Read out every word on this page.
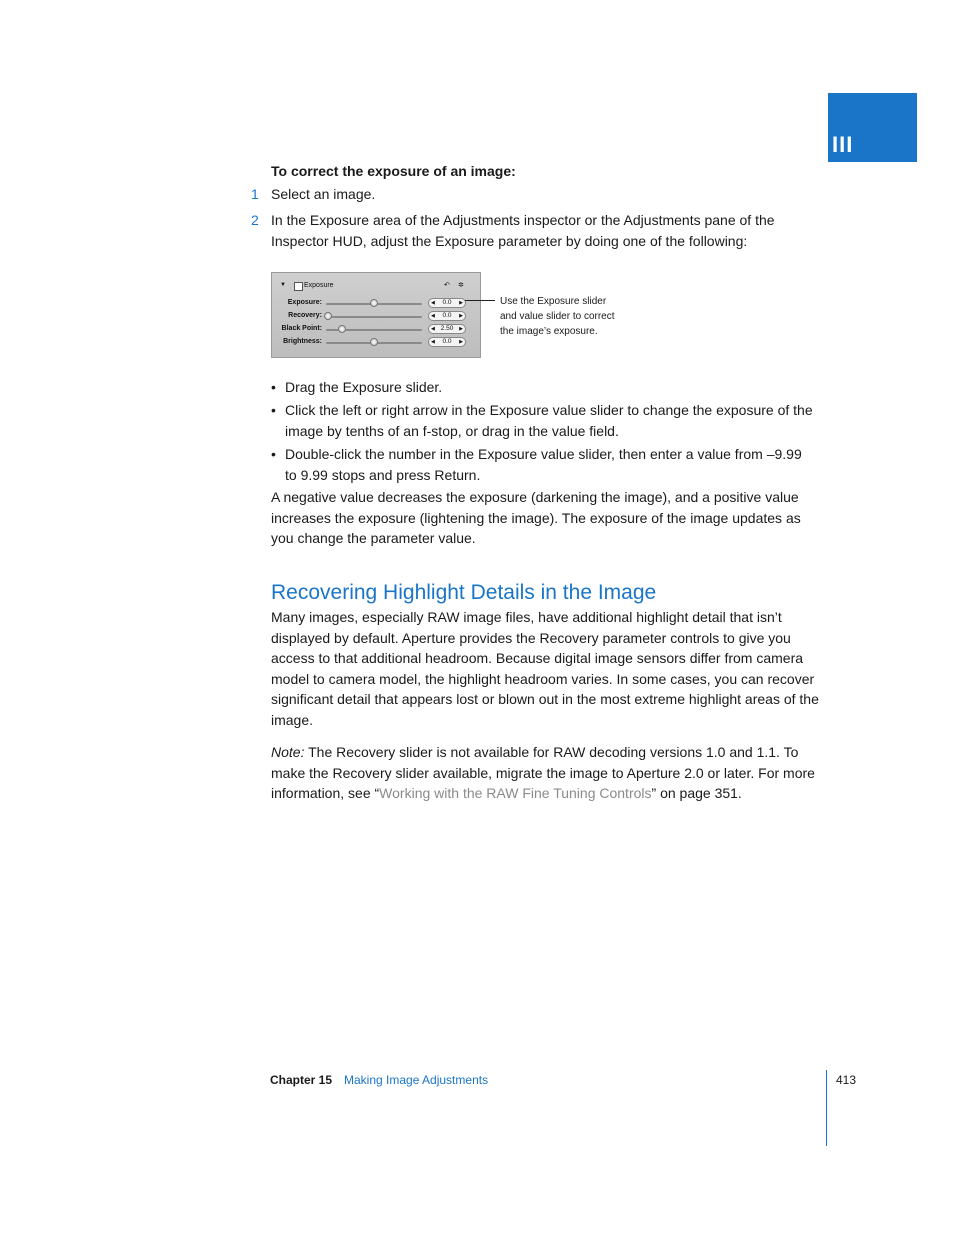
III
To correct the exposure of an image:
1 Select an image.
2 In the Exposure area of the Adjustments inspector or the Adjustments pane of the Inspector HUD, adjust the Exposure parameter by doing one of the following:
▼	Exposure	↶ ✲
Exposure:	◀ 0.0 ▶
Recovery:	◀ 0.0 ▶
Black Point:	◀ 2.50 ▶
Brightness:	◀ 0.0 ▶
Use the Exposure slider and value slider to correct the image’s exposure.
• Drag the Exposure slider.
• Click the left or right arrow in the Exposure value slider to change the exposure of the image by tenths of an f-stop, or drag in the value field.
• Double-click the number in the Exposure value slider, then enter a value from –9.99 to 9.99 stops and press Return.
A negative value decreases the exposure (darkening the image), and a positive value increases the exposure (lightening the image). The exposure of the image updates as you change the parameter value.
Recovering Highlight Details in the Image
Many images, especially RAW image files, have additional highlight detail that isn’t displayed by default. Aperture provides the Recovery parameter controls to give you access to that additional headroom. Because digital image sensors differ from camera model to camera model, the highlight headroom varies. In some cases, you can recover significant detail that appears lost or blown out in the most extreme highlight areas of the image.
Note: The Recovery slider is not available for RAW decoding versions 1.0 and 1.1. To make the Recovery slider available, migrate the image to Aperture 2.0 or later. For more information, see “Working with the RAW Fine Tuning Controls” on page 351.
Chapter 15 Making Image Adjustments	413
